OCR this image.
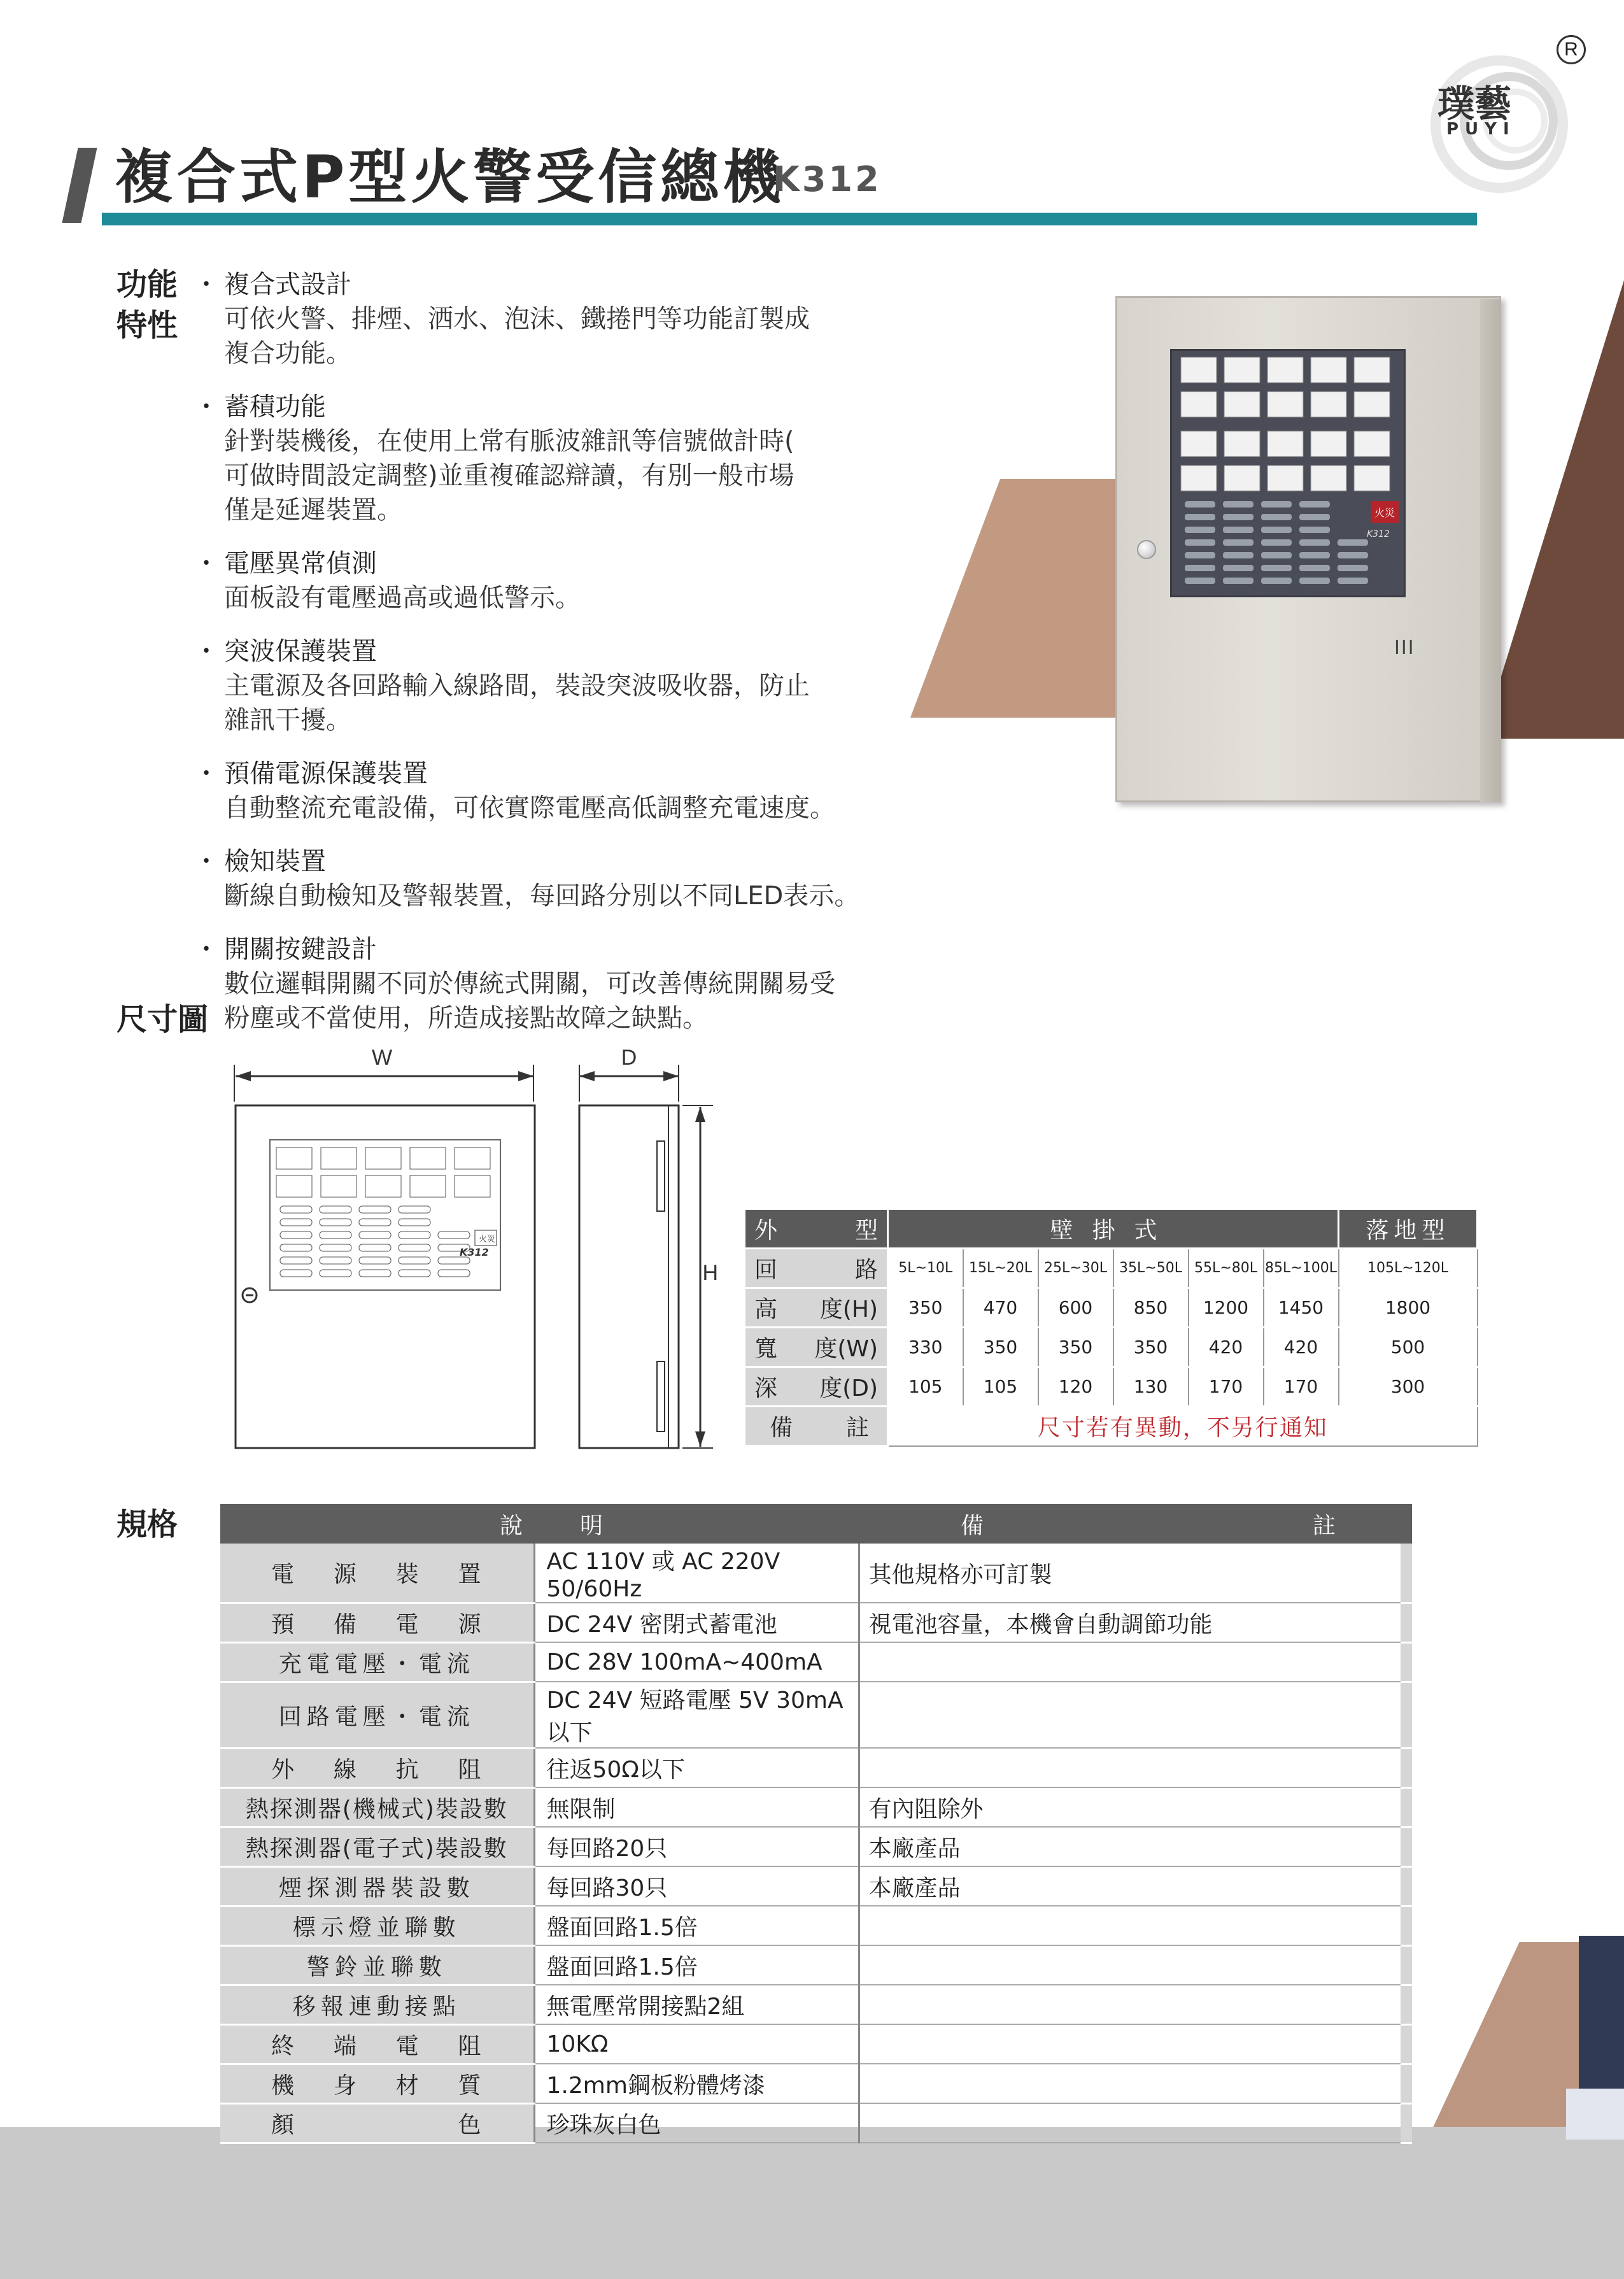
璞藝
PUYI
R
複合式P型火警受信總機
K312
功能
特性
・ 複合式設計
可依火警、排煙、洒水、泡沫、鐵捲門等功能訂製成
複合功能。
・ 蓄積功能
針對裝機後，在使用上常有脈波雜訊等信號做計時(
可做時間設定調整)並重複確認辯讀，有別一般市場
僅是延遲裝置。
・ 電壓異常偵測
面板設有電壓過高或過低警示。
・ 突波保護裝置
主電源及各回路輸入線路間，裝設突波吸收器，防止
雜訊干擾。
・ 預備電源保護裝置
自動整流充電設備，可依實際電壓高低調整充電速度。
・ 檢知裝置
斷線自動檢知及警報裝置，每回路分別以不同LED表示。
・ 開關按鍵設計
數位邏輯開關不同於傳統式開關，可改善傳統開關易受
粉塵或不當使用，所造成接點故障之缺點。
火災
K312
III
尺寸圖
W	D
H
火災
K312
外 型	壁掛式						落地型

回 路	5L~10L	15L~20L	25L~30L	35L~50L	55L~80L	85L~100L	105L~120L

高 度(H)	350	470	600	850	1200	1450	1800

寬 度(W)	330	350	350	350	420	420	500

深 度(D)	105	105	120	130	170	170	300

備 註	尺寸若有異動，不另行通知						
規格	說	明	備 註	

電 源 裝 置	AC 110V 或 AC 220V 50/60Hz	其他規格亦可訂製	

預 備 電 源	DC 24V 密閉式蓄電池	視電池容量，本機會自動調節功能	
充電電壓・電流	DC 28V 100mA~400mA		
回路電壓・電流	DC 24V 短路電壓 5V 30mA以下		

外 線 抗 阻	往返50Ω以下		
熱探測器(機械式)裝設數	無限制	有內阻除外	
熱探測器(電子式)裝設數	每回路20只	本廠產品	
煙探測器裝設數	每回路30只	本廠產品	
標示燈並聯數	盤面回路1.5倍		
警鈴並聯數	盤面回路1.5倍		
移報連動接點	無電壓常開接點2組		

終 端 電 阻	10KΩ		

機 身 材 質	1.2mm鋼板粉體烤漆		

顏 色	珍珠灰白色		
